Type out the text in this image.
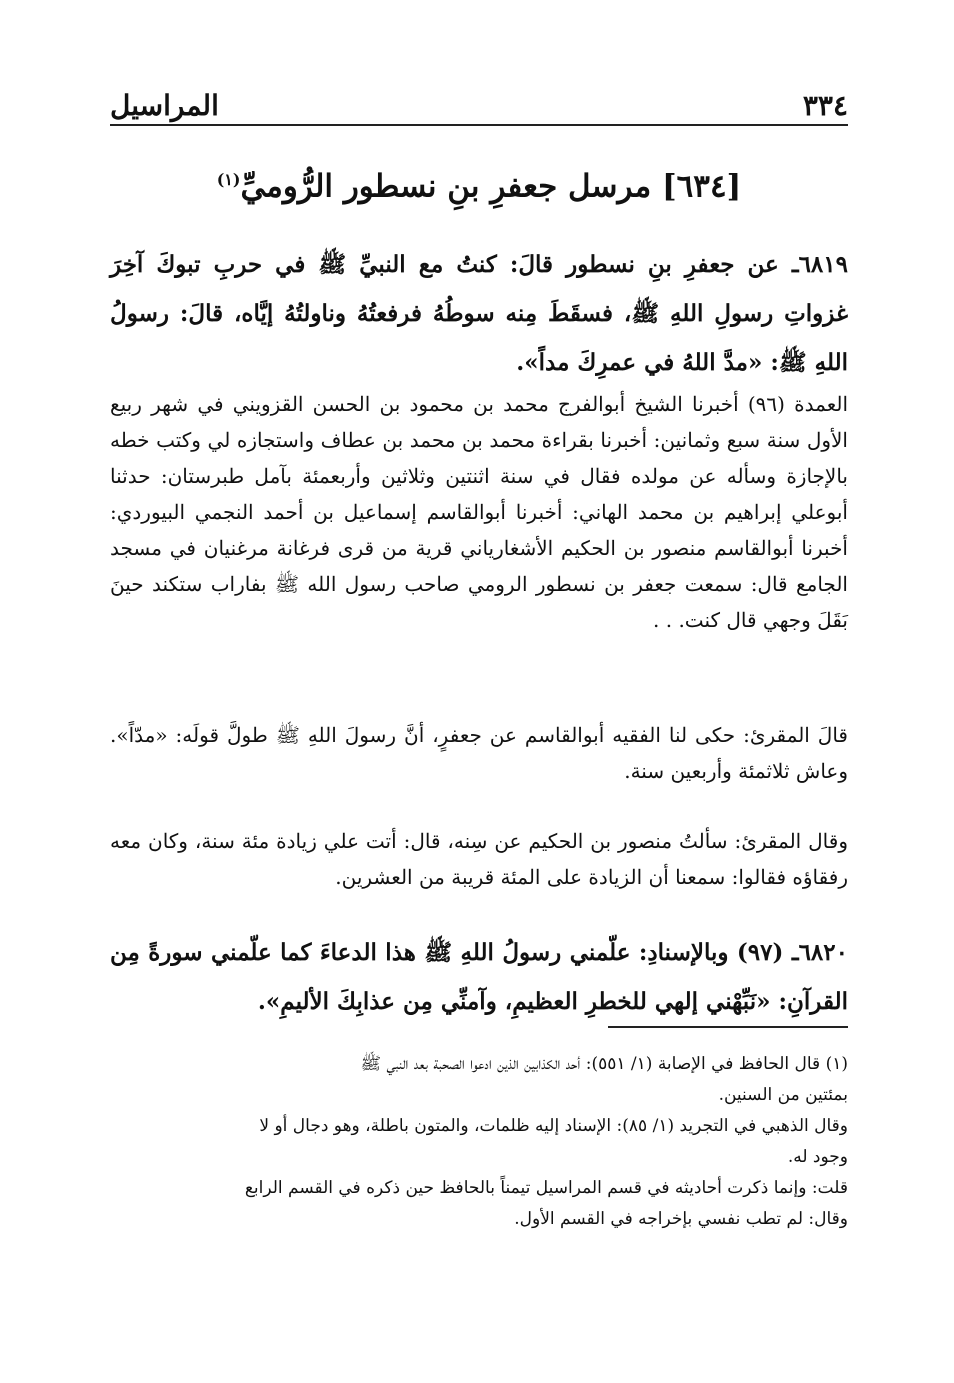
المراسيل	٣٣٤
[٦٣٤] مرسل جعفرِ بنِ نسطور الرُّوميِّ$^{(١)}$
٦٨١٩ـ عن جعفرِ بنِ نسطور قالَ: كنتُ مع النبيِّ ﷺ في حربِ تبوكَ آخِرَ غزواتِ رسولِ اللهِ ﷺ، فسقَطَ مِنه سوطُهُ فرفعتُهُ وناولتُهُ إيَّاه، قالَ: رسولُ اللهِ ﷺ: «مدَّ اللهُ في عمرِكَ مداً».
العمدة (٩٦) أخبرنا الشيخ أبوالفرج محمد بن محمود بن الحسن القزويني في شهر ربيع الأول سنة سبع وثمانين: أخبرنا بقراءة محمد بن محمد بن عطاف واستجازه لي وكتب خطه بالإجازة وسأله عن مولده فقال في سنة اثنتين وثلاثين وأربعمئة بآمل طبرستان: حدثنا أبوعلي إبراهيم بن محمد الهاني: أخبرنا أبوالقاسم إسماعيل بن أحمد النجمي البيوردي: أخبرنا أبوالقاسم منصور بن الحكيم الأشغارياني قرية من قرى فرغانة مرغنيان في مسجد الجامع قال: سمعت جعفر بن نسطور الرومي صاحب رسول الله ﷺ بفاراب ستكند حينَ بَقَلَ وجهي قال كنت. . .
قالَ المقرئ: حكى لنا الفقيه أبوالقاسم عن جعفرٍ، أنَّ رسولَ اللهِ ﷺ طولَّ قولَه: «مدّاً». وعاش ثلاثمئة وأربعين سنة.
وقال المقرئ: سألتُ منصور بن الحكيم عن سِنه، قال: أتت علي زيادة مئة سنة، وكان معه رفقاؤه فقالوا: سمعنا أن الزيادة على المئة قريبة من العشرين.
٦٨٢٠ـ (٩٧) وبالإسنادِ: علّمني رسولُ اللهِ ﷺ هذا الدعاءَ كما علّمني سورةً مِن القرآنِ: «نَبِّهْني إلهي للخطرِ العظيمِ، وآمنِّي مِن عذابِكَ الأليمِ».

(١) قال الحافظ في الإصابة (١/ ٥٥١): أحد الكذابين الذين ادعوا الصحبة بعد النبي ﷺ

بمئتين من السنين.

وقال الذهبي في التجريد (١/ ٨٥): الإسناد إليه ظلمات، والمتون باطلة، وهو دجال أو لا

وجود له.

قلت: وإنما ذكرت أحاديثه في قسم المراسيل تيمناً بالحافظ حين ذكره في القسم الرابع

وقال: لم تطب نفسي بإخراجه في القسم الأول.
